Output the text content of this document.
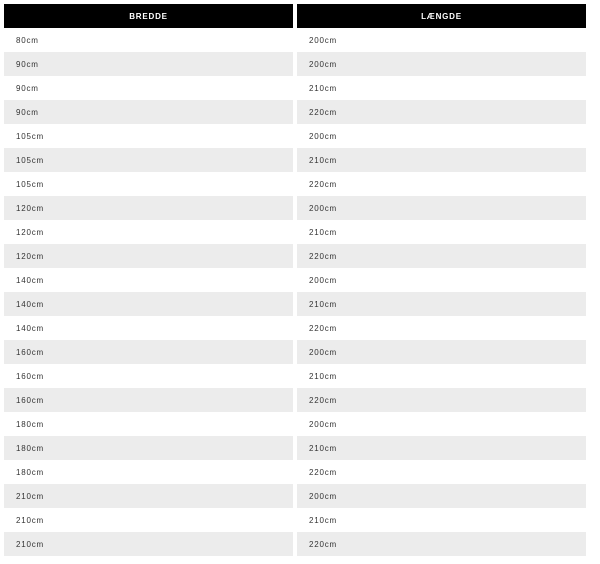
BREDDE	LÆNGDE
80cm	200cm
90cm	200cm
90cm	210cm
90cm	220cm
105cm	200cm
105cm	210cm
105cm	220cm
120cm	200cm
120cm	210cm
120cm	220cm
140cm	200cm
140cm	210cm
140cm	220cm
160cm	200cm
160cm	210cm
160cm	220cm
180cm	200cm
180cm	210cm
180cm	220cm
210cm	200cm
210cm	210cm
210cm	220cm
